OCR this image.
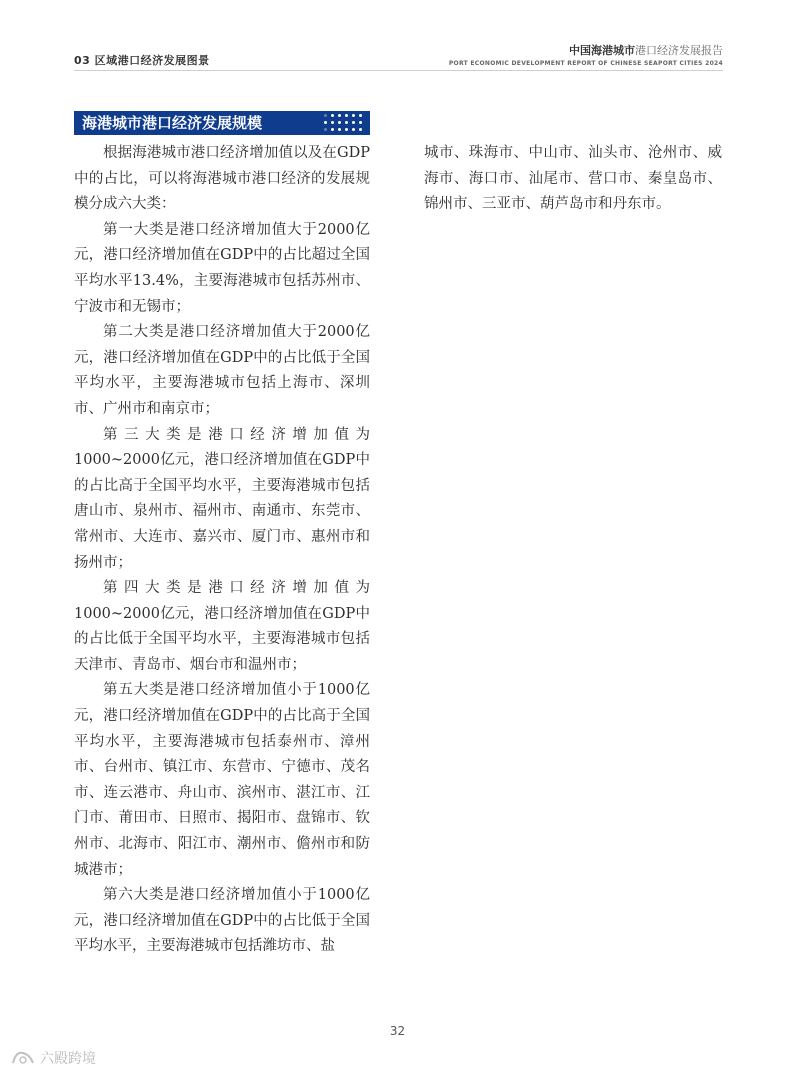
03 区域港口经济发展图景
中国海港城市港口经济发展报告
PORT ECONOMIC DEVELOPMENT REPORT OF CHINESE SEAPORT CITIES 2024
海港城市港口经济发展规模

根据海港城市港口经济增加值以及在GDP中的占比，可以将海港城市港口经济的发展规模分成六大类：

第一大类是港口经济增加值大于2000亿元，港口经济增加值在GDP中的占比超过全国平均水平13.4%，主要海港城市包括苏州市、宁波市和无锡市；

第二大类是港口经济增加值大于2000亿元，港口经济增加值在GDP中的占比低于全国平均水平，主要海港城市包括上海市、深圳市、广州市和南京市；

第三大类是港口经济增加值为1000~2000亿元，港口经济增加值在GDP中的占比高于全国平均水平，主要海港城市包括唐山市、泉州市、福州市、南通市、东莞市、常州市、大连市、嘉兴市、厦门市、惠州市和扬州市；

第四大类是港口经济增加值为1000~2000亿元，港口经济增加值在GDP中的占比低于全国平均水平，主要海港城市包括天津市、青岛市、烟台市和温州市；

第五大类是港口经济增加值小于1000亿元，港口经济增加值在GDP中的占比高于全国平均水平，主要海港城市包括泰州市、漳州市、台州市、镇江市、东营市、宁德市、茂名市、连云港市、舟山市、滨州市、湛江市、江门市、莆田市、日照市、揭阳市、盘锦市、钦州市、北海市、阳江市、潮州市、儋州市和防城港市；

第六大类是港口经济增加值小于1000亿元，港口经济增加值在GDP中的占比低于全国平均水平，主要海港城市包括潍坊市、盐

城市、珠海市、中山市、汕头市、沧州市、威海市、海口市、汕尾市、营口市、秦皇岛市、锦州市、三亚市、葫芦岛市和丹东市。

32
六殿跨境
